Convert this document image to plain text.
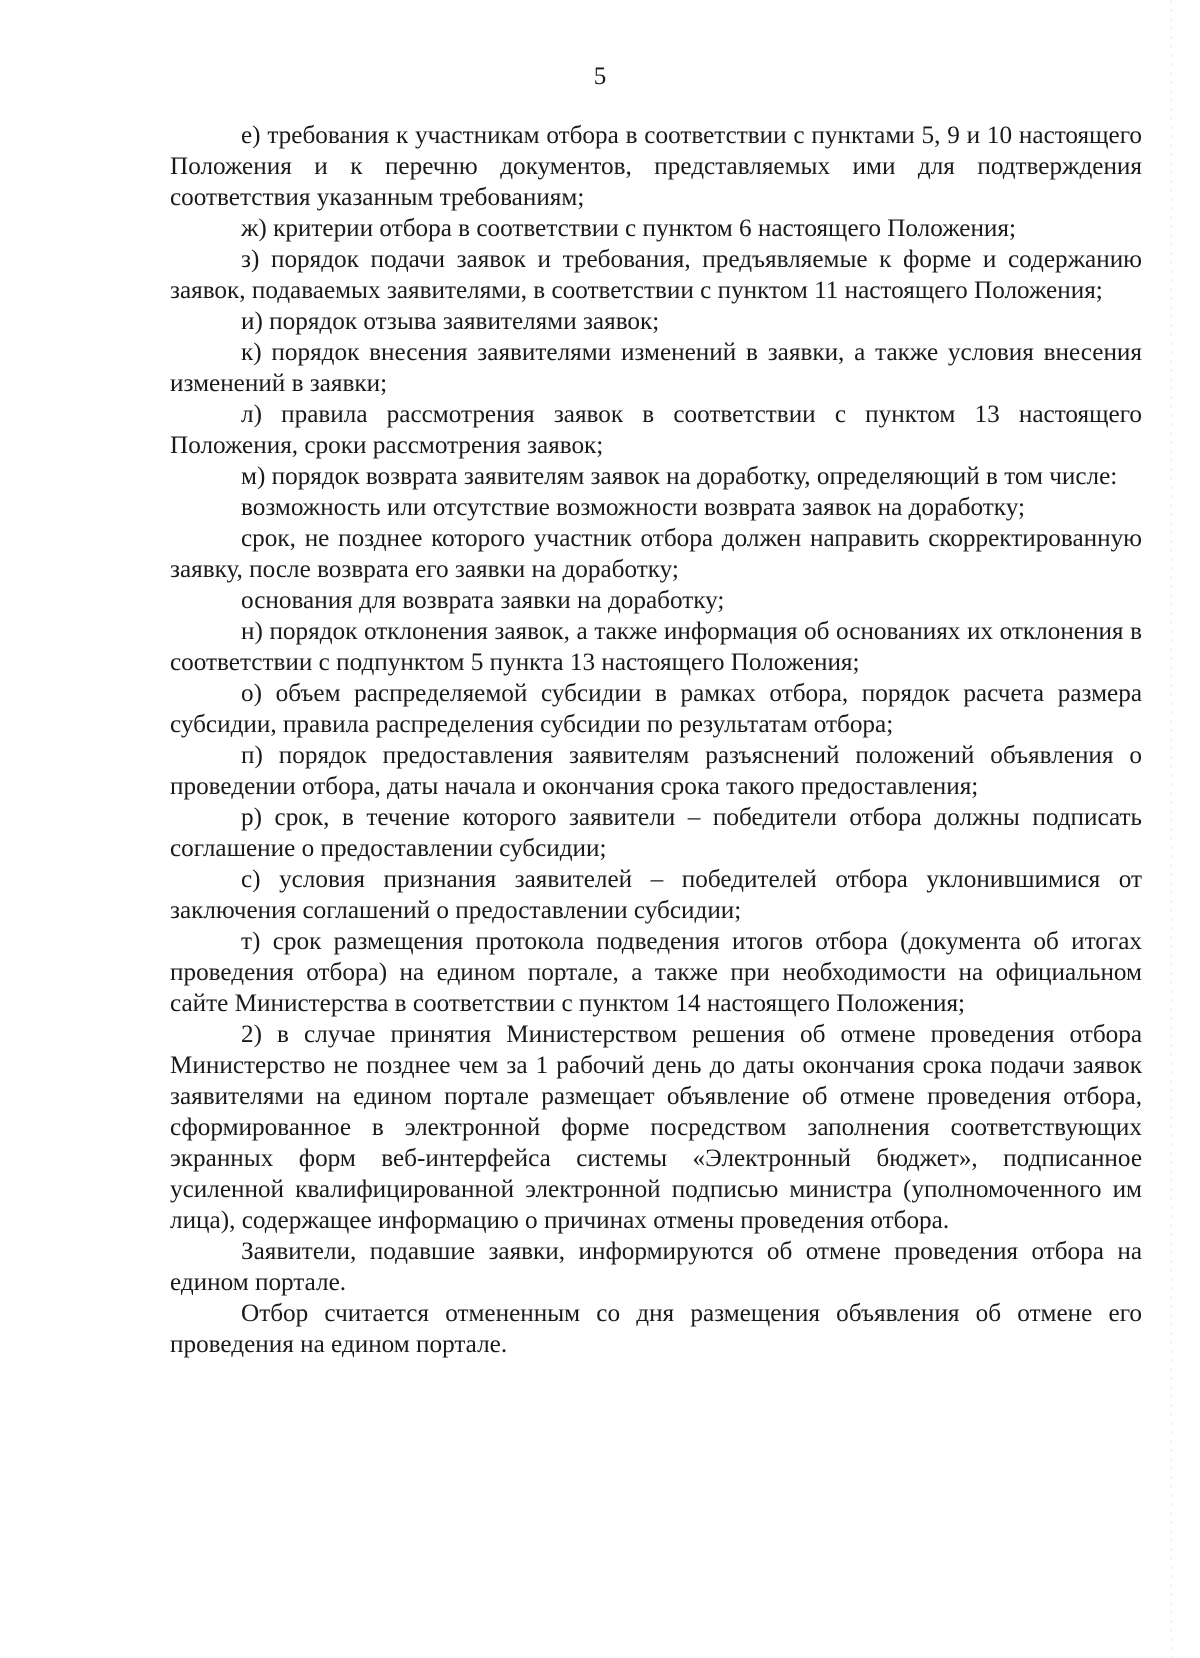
5

е) требования к участникам отбора в соответствии с пунктами 5, 9 и 10 настоящего Положения и к перечню документов, представляемых ими для подтверждения соответствия указанным требованиям;

ж) критерии отбора в соответствии с пунктом 6 настоящего Положения;

з) порядок подачи заявок и требования, предъявляемые к форме и содержанию заявок, подаваемых заявителями, в соответствии с пунктом 11 настоящего Положения;

и) порядок отзыва заявителями заявок;

к) порядок внесения заявителями изменений в заявки, а также условия внесения изменений в заявки;

л) правила рассмотрения заявок в соответствии с пунктом 13 настоящего Положения, сроки рассмотрения заявок;

м) порядок возврата заявителям заявок на доработку, определяющий в том числе:

возможность или отсутствие возможности возврата заявок на доработку;

срок, не позднее которого участник отбора должен направить скорректированную заявку, после возврата его заявки на доработку;

основания для возврата заявки на доработку;

н) порядок отклонения заявок, а также информация об основаниях их отклонения в соответствии с подпунктом 5 пункта 13 настоящего Положения;

о) объем распределяемой субсидии в рамках отбора, порядок расчета размера субсидии, правила распределения субсидии по результатам отбора;

п) порядок предоставления заявителям разъяснений положений объявления о проведении отбора, даты начала и окончания срока такого предоставления;

р) срок, в течение которого заявители – победители отбора должны подписать соглашение о предоставлении субсидии;

с) условия признания заявителей – победителей отбора уклонившимися от заключения соглашений о предоставлении субсидии;

т) срок размещения протокола подведения итогов отбора (документа об итогах проведения отбора) на едином портале, а также при необходимости на официальном сайте Министерства в соответствии с пунктом 14 настоящего Положения;

2) в случае принятия Министерством решения об отмене проведения отбора Министерство не позднее чем за 1 рабочий день до даты окончания срока подачи заявок заявителями на едином портале размещает объявление об отмене проведения отбора, сформированное в электронной форме посредством заполнения соответствующих экранных форм веб-интерфейса системы «Электронный бюджет», подписанное усиленной квалифицированной электронной подписью министра (уполномоченного им лица), содержащее информацию о причинах отмены проведения отбора.

Заявители, подавшие заявки, информируются об отмене проведения отбора на едином портале.

Отбор считается отмененным со дня размещения объявления об отмене его проведения на едином портале.
